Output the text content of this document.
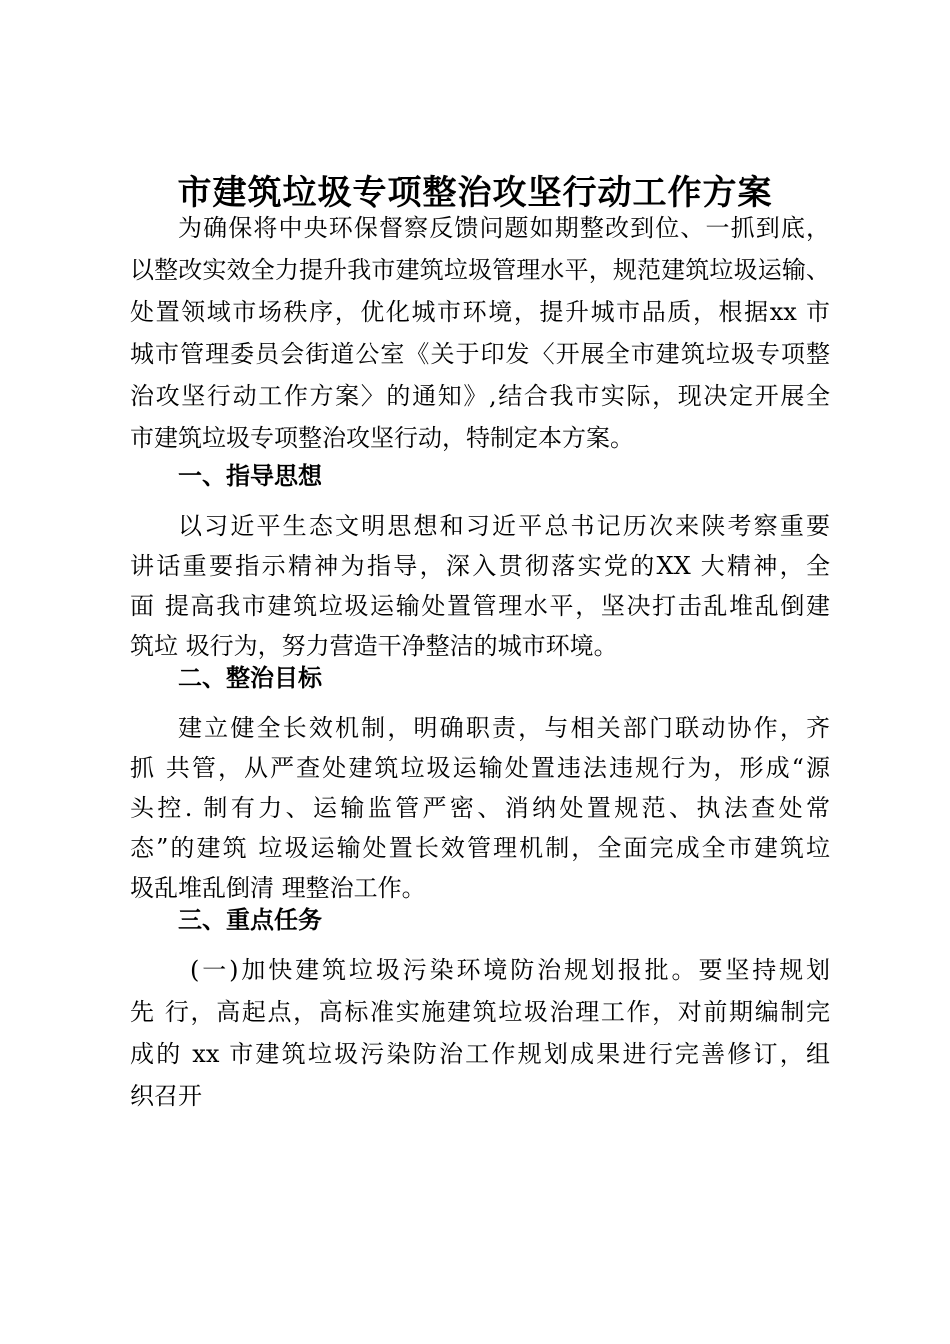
市建筑垃圾专项整治攻坚行动工作方案
为确保将中央环保督察反馈问题如期整改到位、一抓到底，
以整改实效全力提升我市建筑垃圾管理水平，规范建筑垃圾运输、
处置领域市场秩序，优化城市环境，提升城市品质，根据xx 市
城市管理委员会街道公室《关于印发〈开展全市建筑垃圾专项整
治攻坚行动工作方案〉的通知》,结合我市实际，现决定开展全
市建筑垃圾专项整治攻坚行动，特制定本方案。
一、指导思想
以习近平生态文明思想和习近平总书记历次来陕考察重要
讲话重要指示精神为指导，深入贯彻落实党的XX 大精神，全
面 提高我市建筑垃圾运输处置管理水平，坚决打击乱堆乱倒建
筑垃 圾行为，努力营造干净整洁的城市环境。
二、整治目标
建立健全长效机制，明确职责，与相关部门联动协作，齐
抓 共管，从严查处建筑垃圾运输处置违法违规行为，形成“源
头控. 制有力、运输监管严密、消纳处置规范、执法查处常
态”的建筑 垃圾运输处置长效管理机制，全面完成全市建筑垃
圾乱堆乱倒清 理整治工作。
三、重点任务
(一)加快建筑垃圾污染环境防治规划报批。要坚持规划
先 行，高起点，高标准实施建筑垃圾治理工作，对前期编制完
成的 xx 市建筑垃圾污染防治工作规划成果进行完善修订，组
织召开
